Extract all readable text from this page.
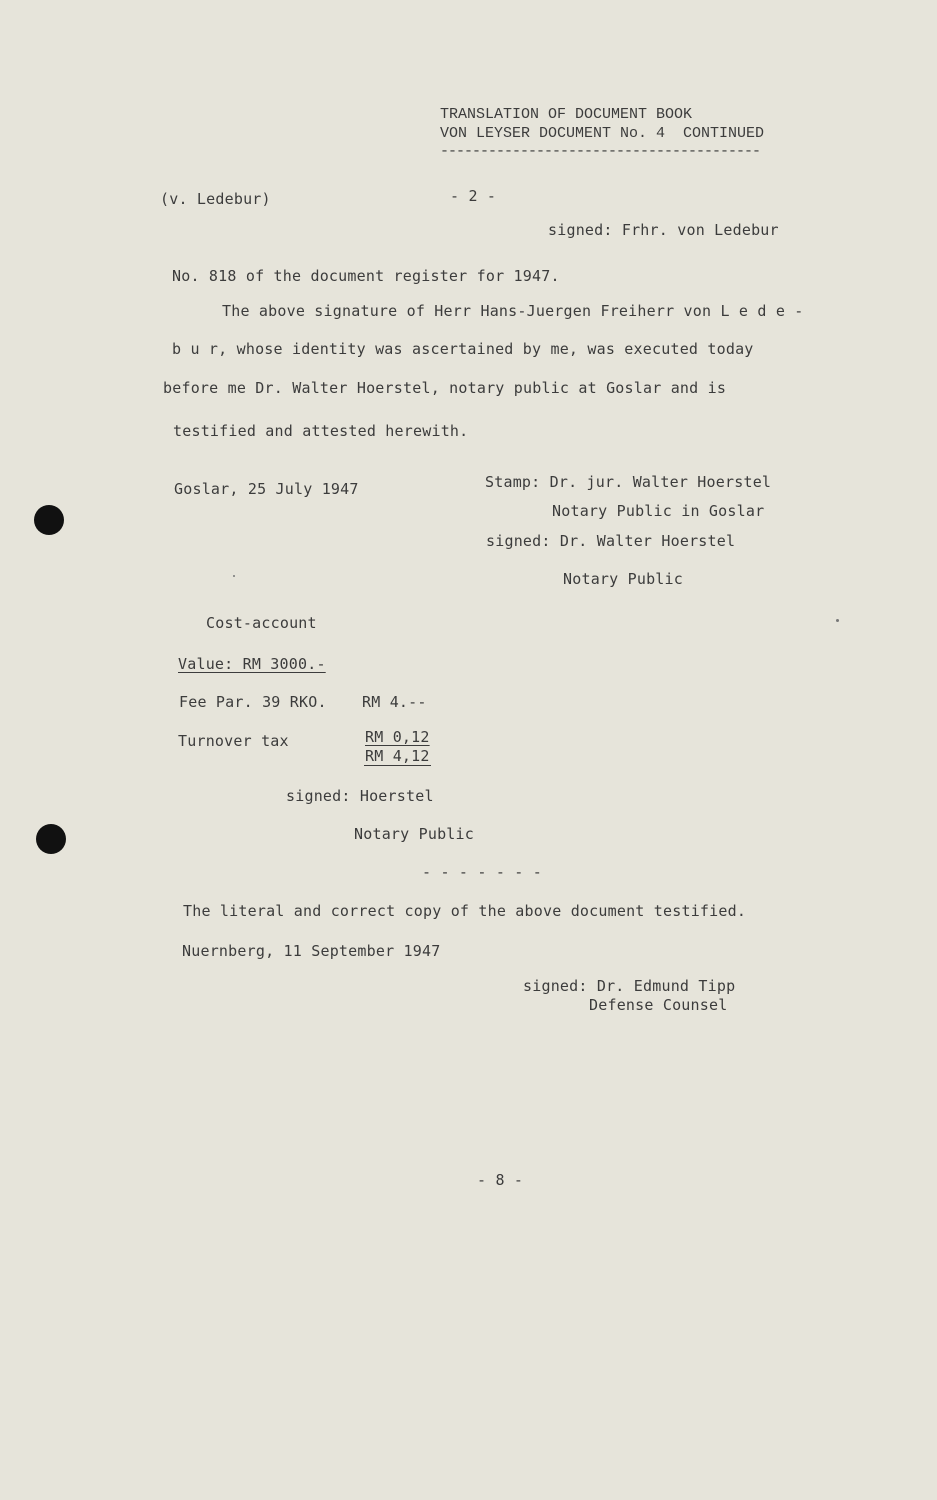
TRANSLATION OF DOCUMENT BOOK
VON LEYSER DOCUMENT No. 4  CONTINUED
----------------------------------------
(v. Ledebur)	- 2 -
signed: Frhr. von Ledebur
No. 818 of the document register for 1947.
The above signature of Herr Hans-Juergen Freiherr von L e d e -
b u r, whose identity was ascertained by me, was executed today
before me Dr. Walter Hoerstel, notary public at Goslar and is
testified and attested herewith.
Goslar, 25 July 1947	Stamp: Dr. jur. Walter Hoerstel
Notary Public in Goslar
signed: Dr. Walter Hoerstel
Notary Public
Cost-account
Value: RM 3000.-
Fee Par. 39 RKO. RM 4.--
Turnover tax	RM 0,12
RM 4,12
signed: Hoerstel
Notary Public
- - - - - - -
The literal and correct copy of the above document testified.
Nuernberg, 11 September 1947
signed: Dr. Edmund Tipp
Defense Counsel
- 8 -
